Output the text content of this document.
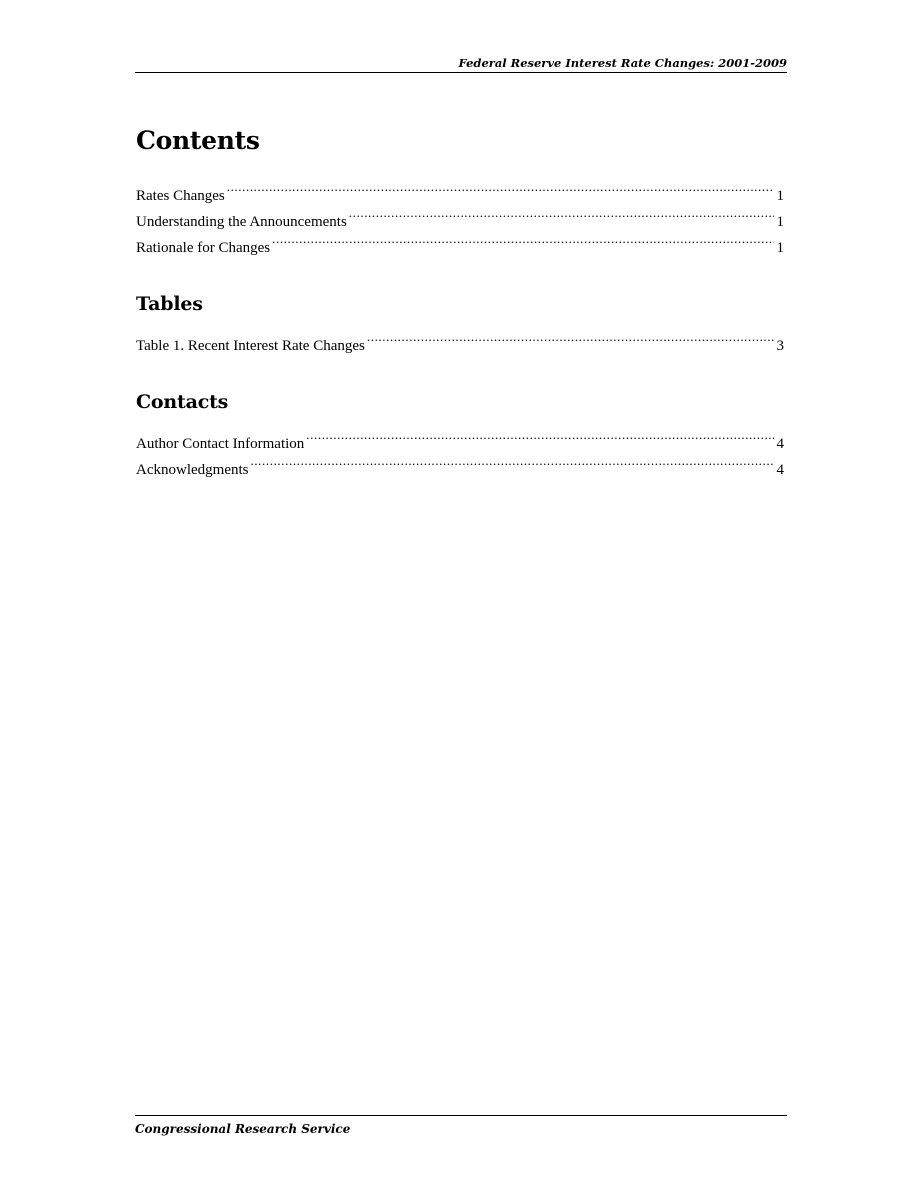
Federal Reserve Interest Rate Changes: 2001-2009
Contents
Rates Changes .....	1
Understanding the Announcements .....	1
Rationale for Changes .....	1
Tables
Table 1. Recent Interest Rate Changes .....	3
Contacts
Author Contact Information .....	4
Acknowledgments .....	4
Congressional Research Service
